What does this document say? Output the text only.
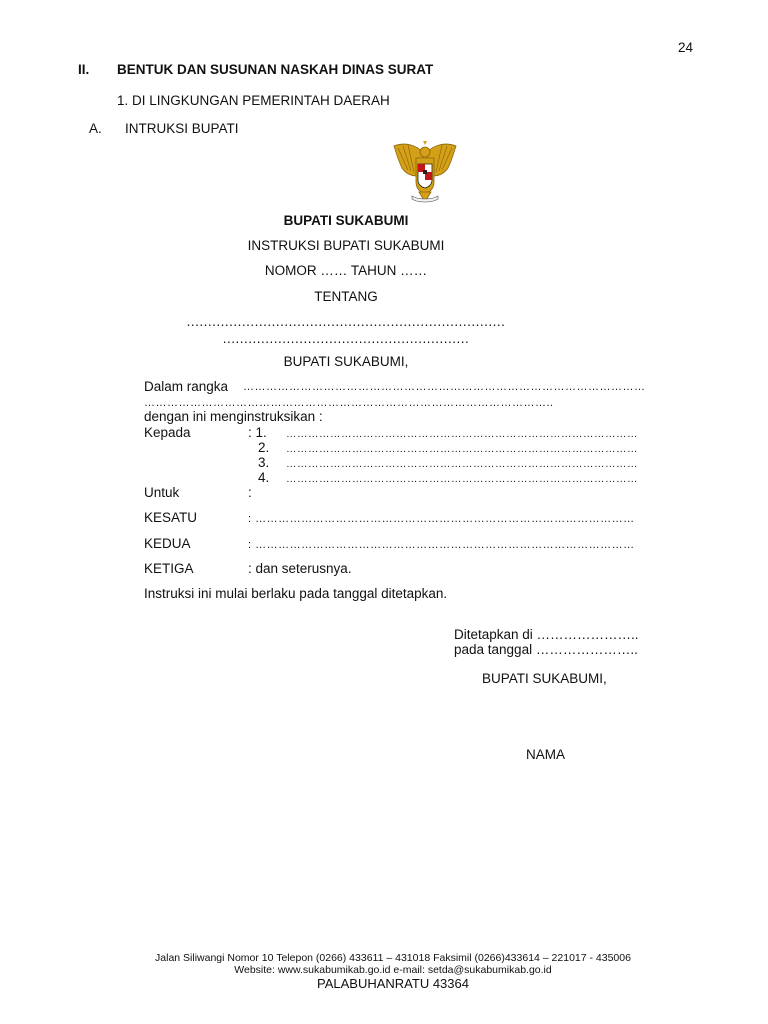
24
II. BENTUK DAN SUSUNAN NASKAH DINAS SURAT
1. DI LINGKUNGAN PEMERINTAH DAERAH
A. INTRUKSI BUPATI
BUPATI SUKABUMI
INSTRUKSI BUPATI SUKABUMI
NOMOR …… TAHUN ……
TENTANG
...........................................................................
..........................................................
BUPATI SUKABUMI,
Dalam rangka ……………………………………………………………………………………………
……………………………………………………………………………………………..
dengan ini menginstruksikan :
Kepada	: 1. ……………………………………………………………………………………
2. ……………………………………………………………………………………
3. ……………………………………………………………………………………
4. ……………………………………………………………………………………
Untuk	:
KESATU	: ………………………………………………………………………………………
KEDUA	: ………………………………………………………………………………………
KETIGA	: dan seterusnya.
Instruksi ini mulai berlaku pada tanggal ditetapkan.
Ditetapkan di …………………..
pada tanggal …………………..
BUPATI SUKABUMI,
NAMA
Jalan Siliwangi Nomor 10 Telepon (0266) 433611 – 431018 Faksimil (0266)433614 – 221017 - 435006
Website: www.sukabumikab.go.id e-mail: setda@sukabumikab.go.id
PALABUHANRATU 43364
